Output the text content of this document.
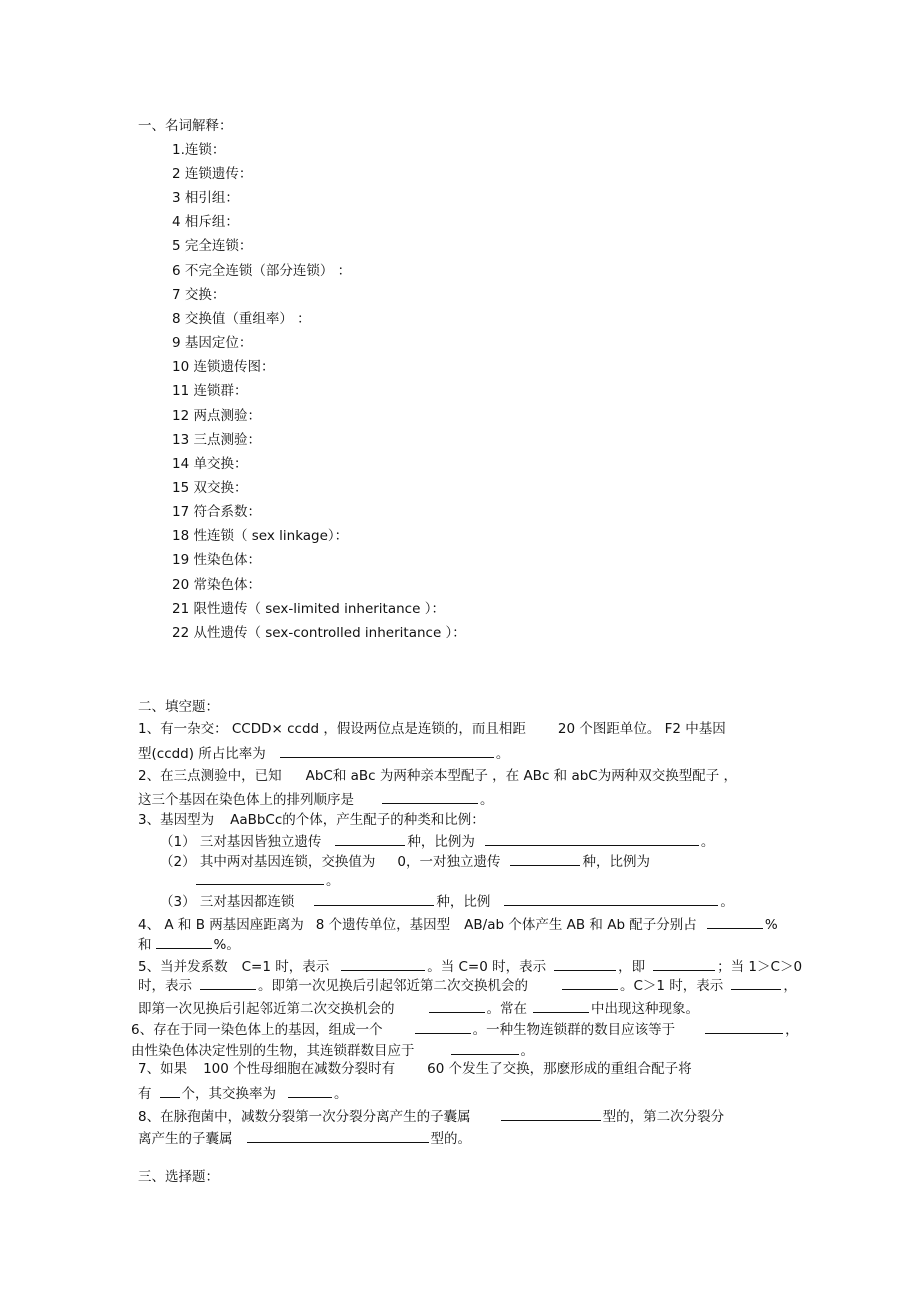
一、名词解释：
1.连锁：
2 连锁遗传：
3 相引组：
4 相斥组：
5 完全连锁：
6 不完全连锁（部分连锁） ：
7 交换：
8 交换值（重组率） ：
9 基因定位：
10 连锁遗传图：
11 连锁群：
12 两点测验：
13 三点测验：
14 单交换：
15 双交换：
17 符合系数：
18 性连锁（ sex linkage）：
19 性染色体：
20 常染色体：
21 限性遗传（ sex-limited inheritance ）：
22 从性遗传（ sex-controlled inheritance ）：
二、填空题：
1、有一杂交： CCDD× ccdd ，假设两位点是连锁的，而且相距 20 个图距单位。 F2 中基因
型(ccdd) 所占比率为	。
2、在三点测验中，已知 AbC和 aBc 为两种亲本型配子 ，在 ABc 和 abC为两种双交换型配子 ，
这三个基因在染色体上的排列顺序是	。
3、基因型为 AaBbCc的个体，产生配子的种类和比例：
（1） 三对基因皆独立遗传	种，比例为	。
（2） 其中两对基因连锁，交换值为 0，一对独立遗传	种，比例为
。
（3） 三对基因都连锁	种，比例	。
4、 A 和 B 两基因座距离为 8 个遗传单位，基因型 AB/ab 个体产生 AB 和 Ab 配子分别占	%
和	%。
5、当并发系数 C=1 时，表示	。当 C=0 时，表示	，即	；当 1＞C＞0
时，表示	。即第一次见换后引起邻近第二次交换机会的	。C＞1 时，表示	，
即第一次见换后引起邻近第二次交换机会的	。常在	中出现这种现象。
6、存在于同一染色体上的基因，组成一个	。一种生物连锁群的数目应该等于	，
由性染色体决定性别的生物，其连锁群数目应于	。
7、如果 100 个性母细胞在减数分裂时有 60 个发生了交换，那麽形成的重组合配子将
有 个，其交换率为	。
8、在脉孢菌中，减数分裂第一次分裂分离产生的子囊属	型的，第二次分裂分
离产生的子囊属	型的。
三、选择题：
